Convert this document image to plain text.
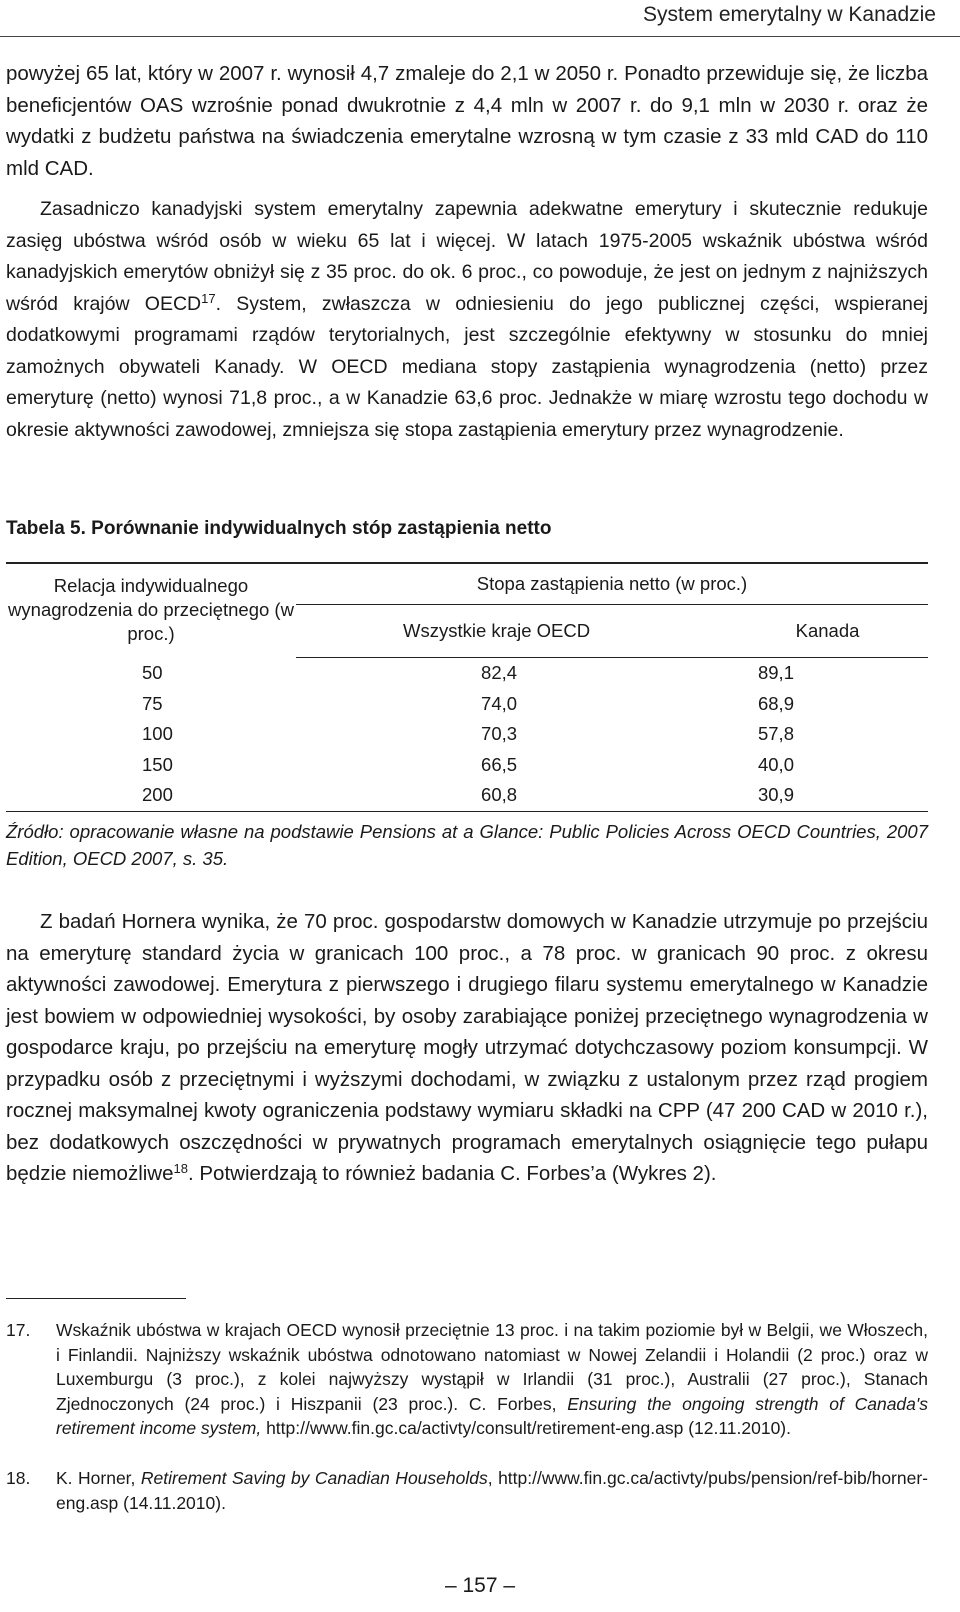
System emerytalny w Kanadzie

powyżej 65 lat, który w 2007 r. wynosił 4,7 zmaleje do 2,1 w 2050 r. Ponadto przewiduje się, że liczba beneficjentów OAS wzrośnie ponad dwukrotnie z 4,4 mln w 2007 r. do 9,1 mln w 2030 r. oraz że wydatki z budżetu państwa na świadczenia emerytalne wzrosną w tym czasie z 33 mld CAD do 110 mld CAD.

Zasadniczo kanadyjski system emerytalny zapewnia adekwatne emerytury i skutecznie redukuje zasięg ubóstwa wśród osób w wieku 65 lat i więcej. W latach 1975-2005 wskaźnik ubóstwa wśród kanadyjskich emerytów obniżył się z 35 proc. do ok. 6 proc., co powoduje, że jest on jednym z najniższych wśród krajów OECD$^{17}$. System, zwłaszcza w odniesieniu do jego publicznej części, wspieranej dodatkowymi programami rządów terytorialnych, jest szczególnie efektywny w stosunku do mniej zamożnych obywateli Kanady. W OECD mediana stopy zastąpienia wynagrodzenia (netto) przez emeryturę (netto) wynosi 71,8 proc., a w Kanadzie 63,6 proc. Jednakże w miarę wzrostu tego dochodu w okresie aktywności zawodowej, zmniejsza się stopa zastąpienia emerytury przez wynagrodzenie.

Tabela 5. Porównanie indywidualnych stóp zastąpienia netto
Relacja indywidualnego wynagrodzenia do przeciętnego (w proc.)	Stopa zastąpienia netto (w proc.)	
	Wszystkie kraje OECD	Kanada
50	82,4	89,1
75	74,0	68,9
100	70,3	57,8
150	66,5	40,0
200	60,8	30,9

Źródło: opracowanie własne na podstawie Pensions at a Glance: Public Policies Across OECD Countries, 2007 Edition, OECD 2007, s. 35.

Z badań Hornera wynika, że 70 proc. gospodarstw domowych w Kanadzie utrzymuje po przejściu na emeryturę standard życia w granicach 100 proc., a 78 proc. w granicach 90 proc. z okresu aktywności zawodowej. Emerytura z pierwszego i drugiego filaru systemu emerytalnego w Kanadzie jest bowiem w odpowiedniej wysokości, by osoby zarabiające poniżej przeciętnego wynagrodzenia w gospodarce kraju, po przejściu na emeryturę mogły utrzymać dotychczasowy poziom konsumpcji. W przypadku osób z przeciętnymi i wyższymi dochodami, w związku z ustalonym przez rząd progiem rocznej maksymalnej kwoty ograniczenia podstawy wymiaru składki na CPP (47 200 CAD w 2010 r.), bez dodatkowych oszczędności w prywatnych programach emerytalnych osiągnięcie tego pułapu będzie niemożliwe$^{18}$. Potwierdzają to również badania C. Forbes’a (Wykres 2).

17.	Wskaźnik ubóstwa w krajach OECD wynosił przeciętnie 13 proc. i na takim poziomie był w Belgii, we Włoszech, i Finlandii. Najniższy wskaźnik ubóstwa odnotowano natomiast w Nowej Zelandii i Holandii (2 proc.) oraz w Luxemburgu (3 proc.), z kolei najwyższy wystąpił w Irlandii (31 proc.), Australii (27 proc.), Stanach Zjednoczonych (24 proc.) i Hiszpanii (23 proc.). C. Forbes, Ensuring the ongoing strength of Canada's retirement income system, http://www.fin.gc.ca/activty/consult/retirement-eng.asp (12.11.2010).
18.	K. Horner, Retirement Saving by Canadian Households, http://www.fin.gc.ca/activty/pubs/pension/ref-bib/horner-eng.asp (14.11.2010).
– 157 –
